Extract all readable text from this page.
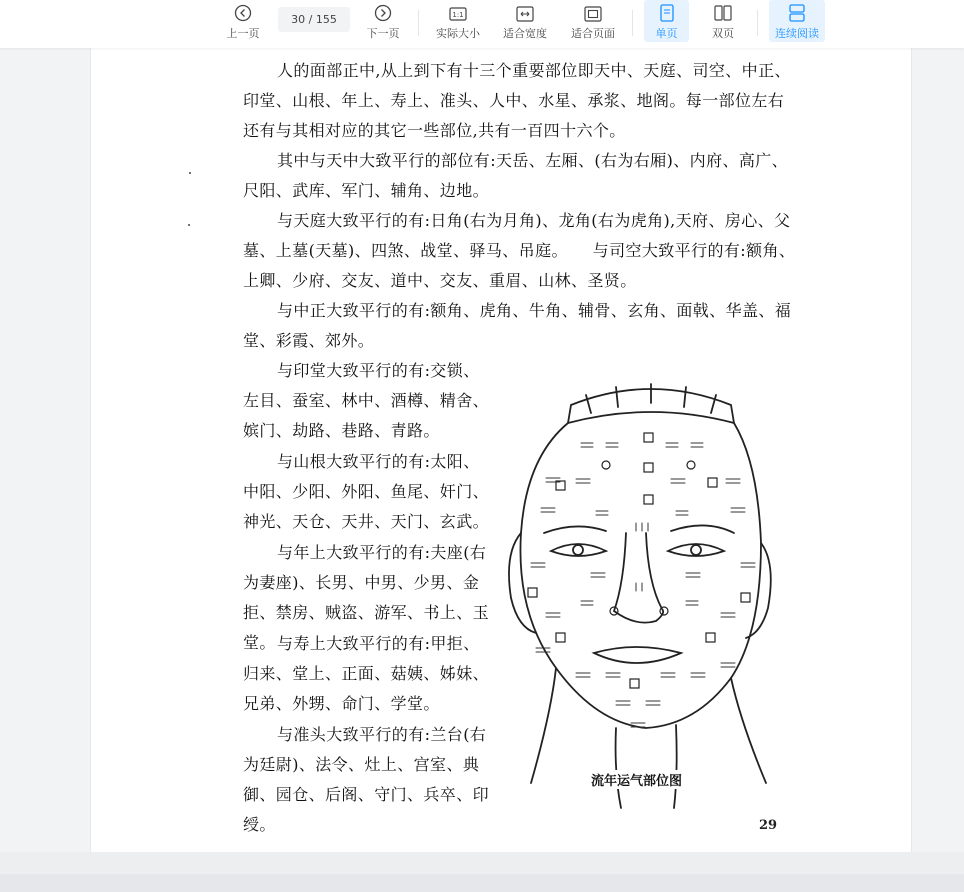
上一页
30 / 155
下一页
1:1
实际大小 适合宽度 适合页面	单页	双页	连续阅读

人的面部正中,从上到下有十三个重要部位即天中、天庭、司空、中正、印堂、山根、年上、寿上、准头、人中、水星、承浆、地阁。每一部位左右还有与其相对应的其它一些部位,共有一百四十六个。

其中与天中大致平行的部位有:天岳、左厢、(右为右厢)、内府、高广、尺阳、武库、军门、辅角、边地。

与天庭大致平行的有:日角(右为月角)、龙角(右为虎角),天府、房心、父墓、上墓(天墓)、四煞、战堂、驿马、吊庭。　　与司空大致平行的有:额角、上卿、少府、交友、道中、交友、重眉、山林、圣贤。

与中正大致平行的有:额角、虎角、牛角、辅骨、玄角、面戟、华盖、福堂、彩霞、郊外。

与印堂大致平行的有:交锁、左目、蚕室、林中、酒樽、精舍、嫔门、劫路、巷路、青路。

与山根大致平行的有:太阳、中阳、少阳、外阳、鱼尾、奸门、神光、天仓、天井、天门、玄武。

与年上大致平行的有:夫座(右为妻座)、长男、中男、少男、金拒、禁房、贼盗、游军、书上、玉堂。 与寿上大致平行的有:甲拒、归来、堂上、正面、菇姨、姊妹、兄弟、外甥、命门、学堂。

与准头大致平行的有:兰台(右为廷尉)、法令、灶上、宫室、典御、园仓、后阁、守门、兵卒、印绶。

流年运气部位图
29
